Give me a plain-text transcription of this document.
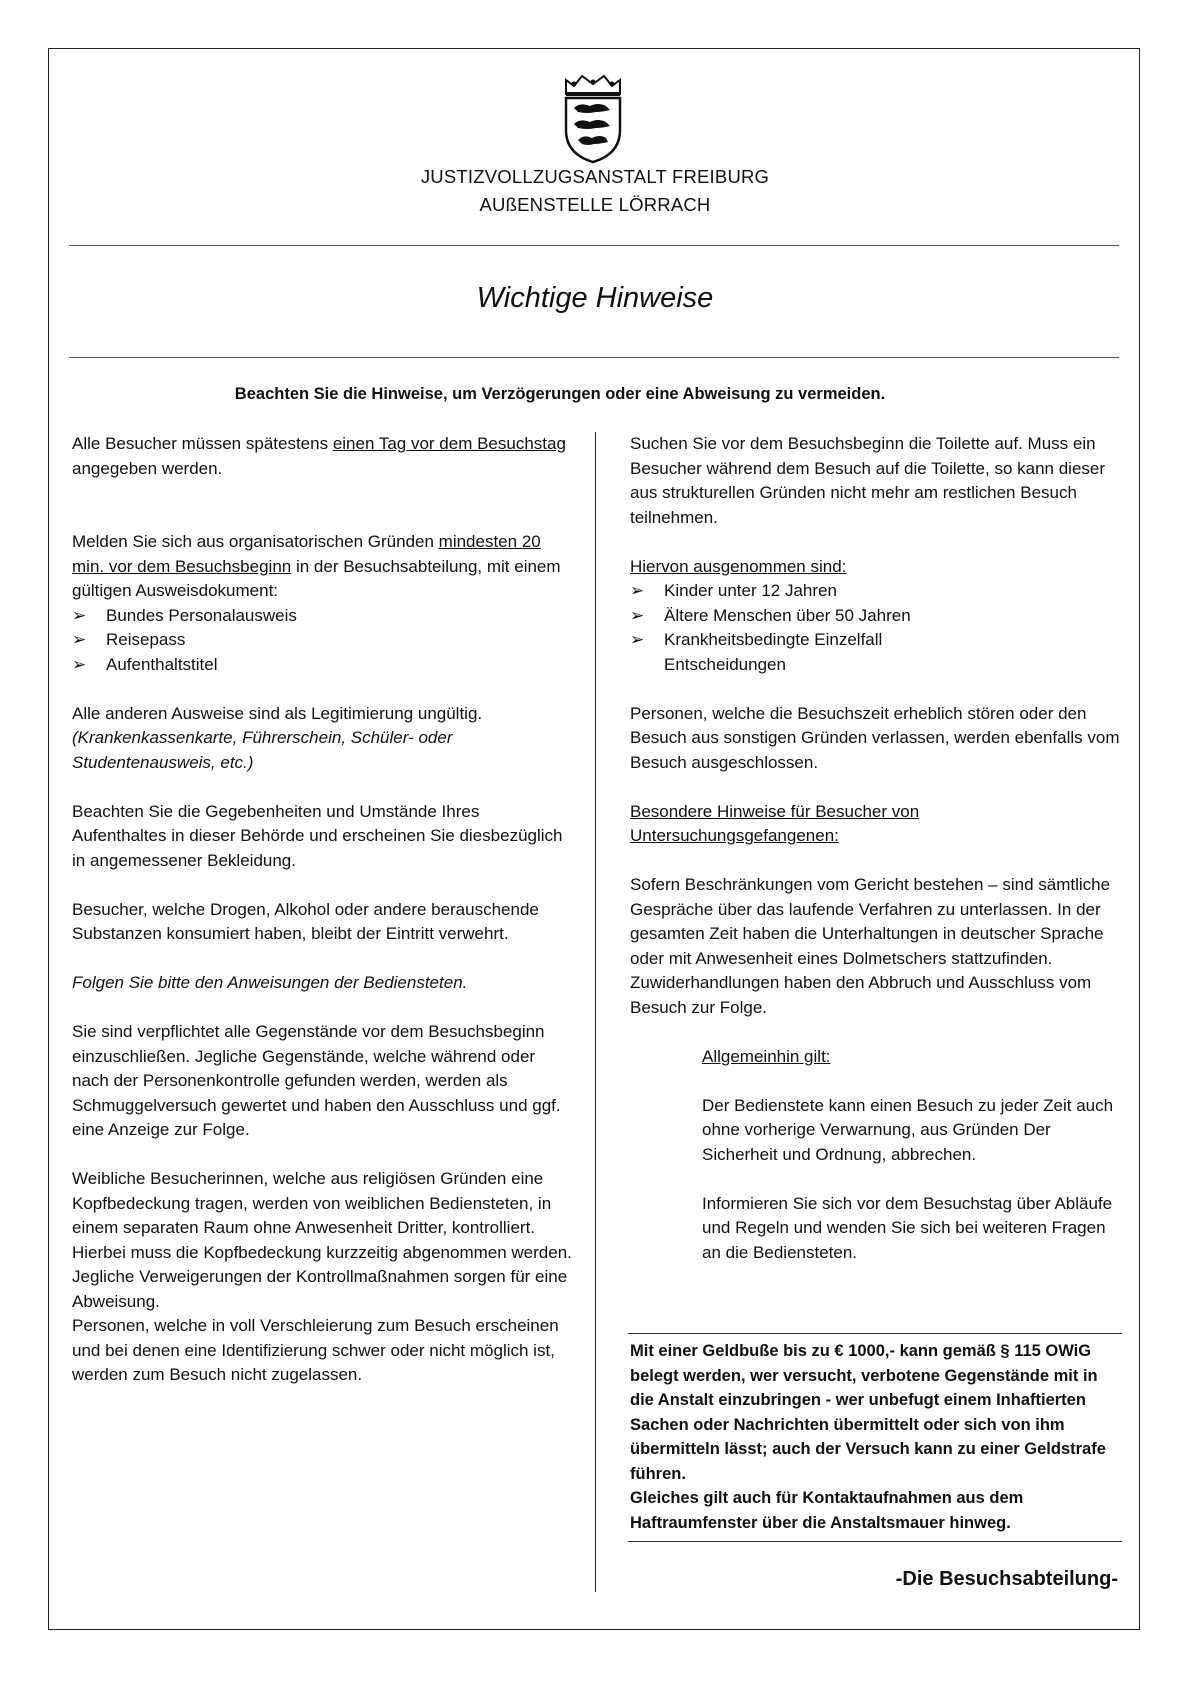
JUSTIZVOLLZUGSANSTALT FREIBURG
AUßENSTELLE LÖRRACH
Wichtige Hinweise
Beachten Sie die Hinweise, um Verzögerungen oder eine Abweisung zu vermeiden.

Alle Besucher müssen spätestens einen Tag vor dem Besuchstag angegeben werden.

Melden Sie sich aus organisatorischen Gründen mindesten 20 min. vor dem Besuchsbeginn in der Besuchsabteilung, mit einem gültigen Ausweisdokument:

➢ Bundes Personalausweis
➢ Reisepass
➢ Aufenthaltstitel

Alle anderen Ausweise sind als Legitimierung ungültig.

(Krankenkassenkarte, Führerschein, Schüler- oder Studentenausweis, etc.)

Beachten Sie die Gegebenheiten und Umstände Ihres Aufenthaltes in dieser Behörde und erscheinen Sie diesbezüglich in angemessener Bekleidung.

Besucher, welche Drogen, Alkohol oder andere berauschende Substanzen konsumiert haben, bleibt der Eintritt verwehrt.

Folgen Sie bitte den Anweisungen der Bediensteten.

Sie sind verpflichtet alle Gegenstände vor dem Besuchsbeginn einzuschließen. Jegliche Gegenstände, welche während oder nach der Personenkontrolle gefunden werden, werden als Schmuggelversuch gewertet und haben den Ausschluss und ggf. eine Anzeige zur Folge.

Weibliche Besucherinnen, welche aus religiösen Gründen eine Kopfbedeckung tragen, werden von weiblichen Bediensteten, in einem separaten Raum ohne Anwesenheit Dritter, kontrolliert. Hierbei muss die Kopfbedeckung kurzzeitig abgenommen werden.

Jegliche Verweigerungen der Kontrollmaßnahmen sorgen für eine Abweisung.

Personen, welche in voll Verschleierung zum Besuch erscheinen und bei denen eine Identifizierung schwer oder nicht möglich ist, werden zum Besuch nicht zugelassen.

Suchen Sie vor dem Besuchsbeginn die Toilette auf. Muss ein Besucher während dem Besuch auf die Toilette, so kann dieser aus strukturellen Gründen nicht mehr am restlichen Besuch teilnehmen.

Hiervon ausgenommen sind:

➢ Kinder unter 12 Jahren
➢ Ältere Menschen über 50 Jahren
➢ Krankheitsbedingte Einzelfall Entscheidungen

Personen, welche die Besuchszeit erheblich stören oder den Besuch aus sonstigen Gründen verlassen, werden ebenfalls vom Besuch ausgeschlossen.

Besondere Hinweise für Besucher von Untersuchungsgefangenen:

Sofern Beschränkungen vom Gericht bestehen – sind sämtliche Gespräche über das laufende Verfahren zu unterlassen. In der gesamten Zeit haben die Unterhaltungen in deutscher Sprache oder mit Anwesenheit eines Dolmetschers stattzufinden. Zuwiderhandlungen haben den Abbruch und Ausschluss vom Besuch zur Folge.

Allgemeinhin gilt:

Der Bedienstete kann einen Besuch zu jeder Zeit auch ohne vorherige Verwarnung, aus Gründen Der Sicherheit und Ordnung, abbrechen.

Informieren Sie sich vor dem Besuchstag über Abläufe und Regeln und wenden Sie sich bei weiteren Fragen an die Bediensteten.

Mit einer Geldbuße bis zu € 1000,- kann gemäß § 115 OWiG belegt werden, wer versucht, verbotene Gegenstände mit in die Anstalt einzubringen - wer unbefugt einem Inhaftierten Sachen oder Nachrichten übermittelt oder sich von ihm übermitteln lässt; auch der Versuch kann zu einer Geldstrafe führen.

Gleiches gilt auch für Kontaktaufnahmen aus dem Haftraumfenster über die Anstaltsmauer hinweg.

-Die Besuchsabteilung-
